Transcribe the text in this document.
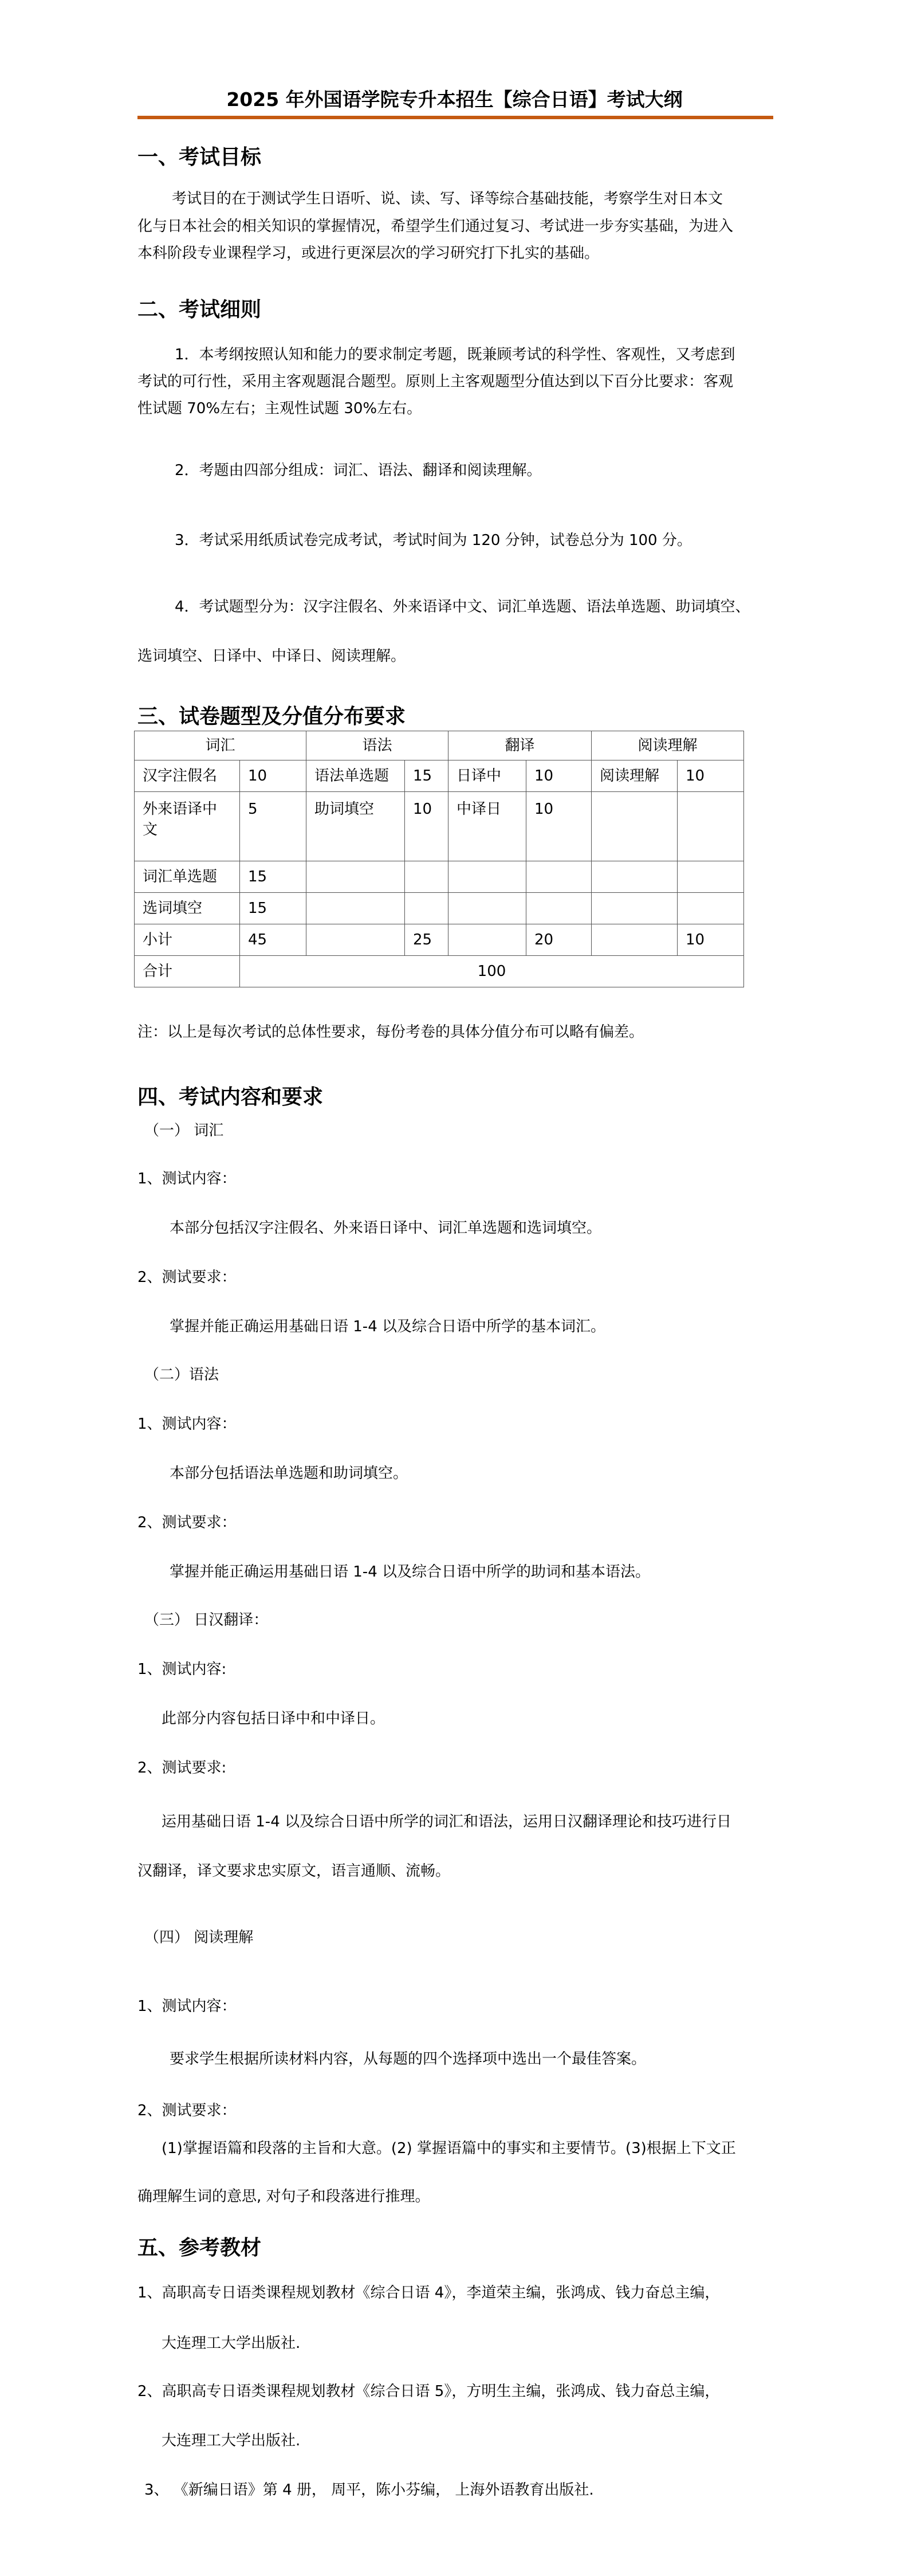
2025 年外国语学院专升本招生【综合日语】考试大纲
一、考试目标
考试目的在于测试学生日语听、说、读、写、译等综合基础技能，考察学生对日本文
化与日本社会的相关知识的掌握情况，希望学生们通过复习、考试进一步夯实基础，为进入
本科阶段专业课程学习，或进行更深层次的学习研究打下扎实的基础。
二、考试细则
1．本考纲按照认知和能力的要求制定考题，既兼顾考试的科学性、客观性，又考虑到
考试的可行性，采用主客观题混合题型。原则上主客观题型分值达到以下百分比要求：客观
性试题 70%左右；主观性试题 30%左右。
2．考题由四部分组成：词汇、语法、翻译和阅读理解。
3．考试采用纸质试卷完成考试，考试时间为 120 分钟，试卷总分为 100 分。
4．考试题型分为：汉字注假名、外来语译中文、词汇单选题、语法单选题、助词填空、
选词填空、日译中、中译日、阅读理解。
三、试卷题型及分值分布要求
词汇		语法		翻译		阅读理解	
汉字注假名	10	语法单选题	15	日译中	10	阅读理解	10
外来语译中文	5	助词填空	10	中译日	10		
词汇单选题	15						
选词填空	15						
小计	45		25		20		10
合计	100						
注：以上是每次考试的总体性要求，每份考卷的具体分值分布可以略有偏差。
四、考试内容和要求
（一） 词汇
1、测试内容：
本部分包括汉字注假名、外来语日译中、词汇单选题和选词填空。
2、测试要求：
掌握并能正确运用基础日语 1-4 以及综合日语中所学的基本词汇。
（二）语法
1、测试内容：
本部分包括语法单选题和助词填空。
2、测试要求：
掌握并能正确运用基础日语 1-4 以及综合日语中所学的助词和基本语法。
（三） 日汉翻译：
1、测试内容:
此部分内容包括日译中和中译日。
2、测试要求:
运用基础日语 1-4 以及综合日语中所学的词汇和语法，运用日汉翻译理论和技巧进行日
汉翻译，译文要求忠实原文，语言通顺、流畅。
（四） 阅读理解
1、测试内容：
要求学生根据所读材料内容，从每题的四个选择项中选出一个最佳答案。
2、测试要求：
(1)掌握语篇和段落的主旨和大意。(2) 掌握语篇中的事实和主要情节。(3)根据上下文正
确理解生词的意思, 对句子和段落进行推理。
五、参考教材
1、高职高专日语类课程规划教材《综合日语 4》，李道荣主编，张鸿成、钱力奋总主编，
大连理工大学出版社.
2、高职高专日语类课程规划教材《综合日语 5》，方明生主编，张鸿成、钱力奋总主编，
大连理工大学出版社.
3、 《新编日语》第 4 册， 周平，陈小芬编， 上海外语教育出版社.
